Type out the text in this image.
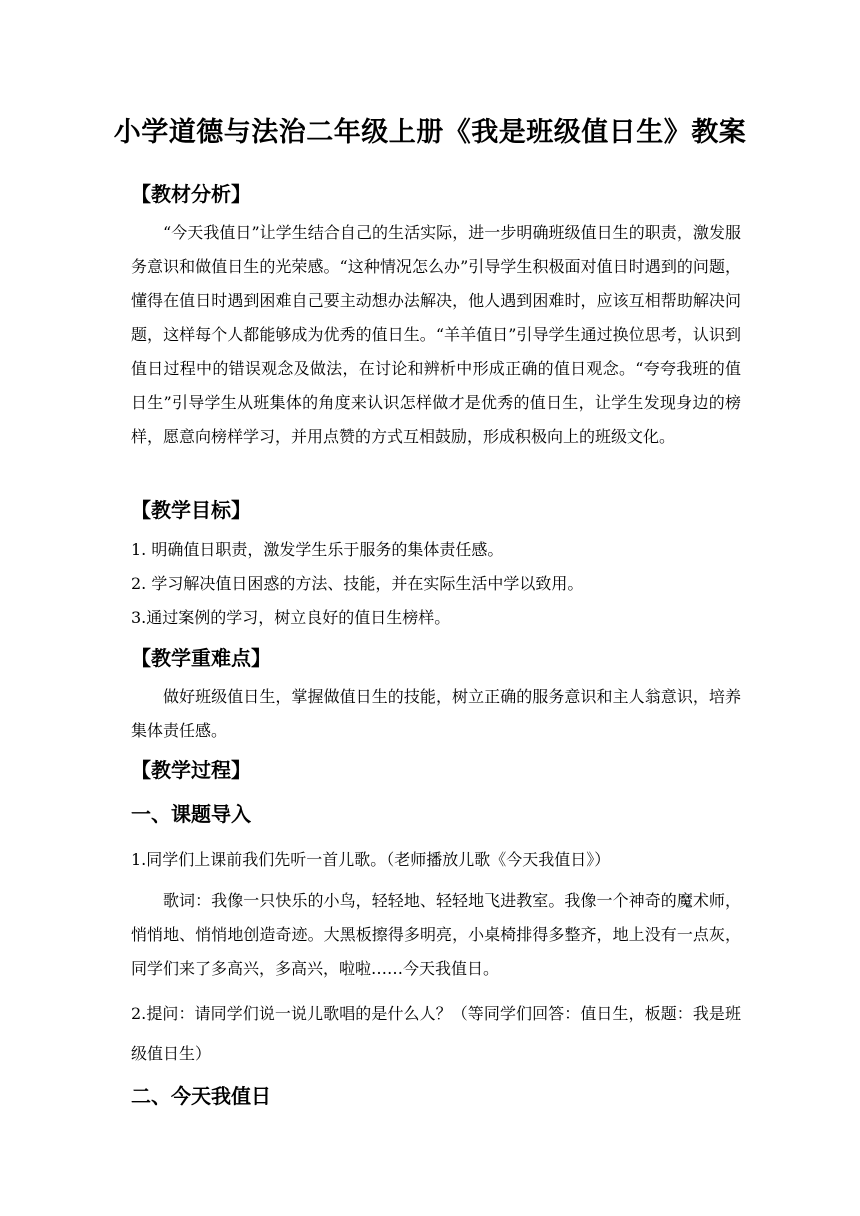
小学道德与法治二年级上册《我是班级值日生》教案
【教材分析】

“今天我值日”让学生结合自己的生活实际，进一步明确班级值日生的职责，激发服务意识和做值日生的光荣感。“这种情况怎么办”引导学生积极面对值日时遇到的问题，懂得在值日时遇到困难自己要主动想办法解决，他人遇到困难时，应该互相帮助解决问题，这样每个人都能够成为优秀的值日生。“羊羊值日”引导学生通过换位思考，认识到值日过程中的错误观念及做法，在讨论和辨析中形成正确的值日观念。“夸夸我班的值日生”引导学生从班集体的角度来认识怎样做才是优秀的值日生，让学生发现身边的榜样，愿意向榜样学习，并用点赞的方式互相鼓励，形成积极向上的班级文化。

【教学目标】
1. 明确值日职责，激发学生乐于服务的集体责任感。
2. 学习解决值日困惑的方法、技能，并在实际生活中学以致用。
3.通过案例的学习，树立良好的值日生榜样。
【教学重难点】

做好班级值日生，掌握做值日生的技能，树立正确的服务意识和主人翁意识，培养集体责任感。

【教学过程】
一、课题导入
1.同学们上课前我们先听一首儿歌。（老师播放儿歌《今天我值日》）

歌词：我像一只快乐的小鸟，轻轻地、轻轻地飞进教室。我像一个神奇的魔术师，悄悄地、悄悄地创造奇迹。大黑板擦得多明亮，小桌椅排得多整齐，地上没有一点灰，同学们来了多高兴，多高兴，啦啦……今天我值日。

2.提问：请同学们说一说儿歌唱的是什么人？（等同学们回答：值日生，板题：我是班级值日生）

二、今天我值日
